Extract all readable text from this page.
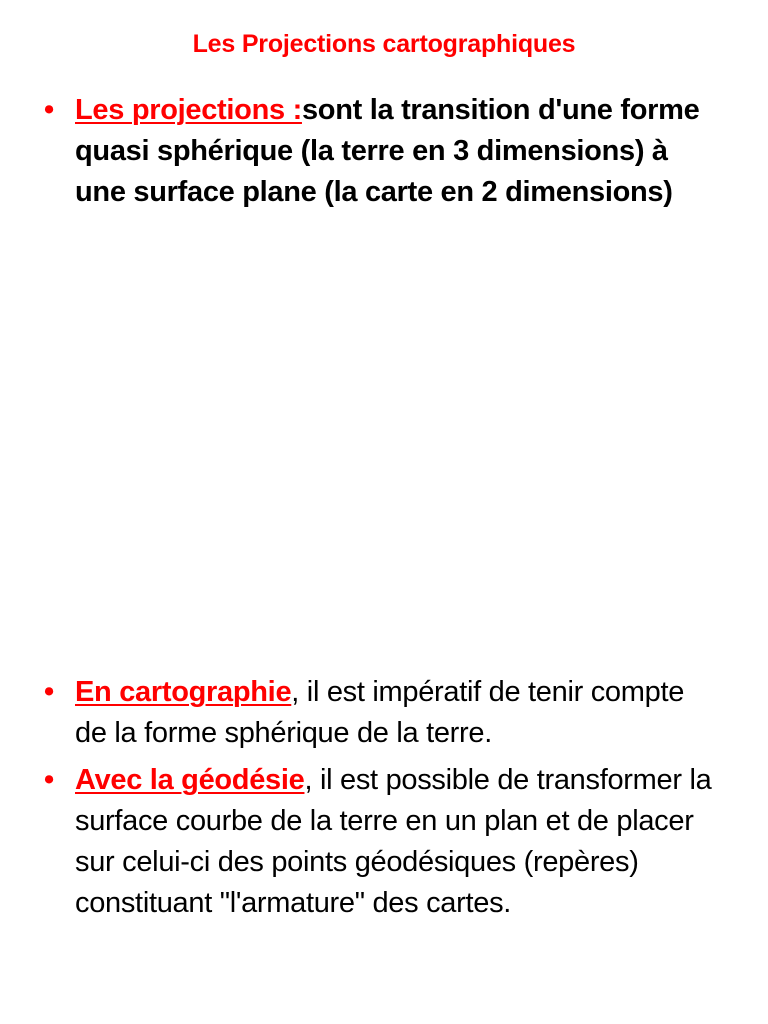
Les Projections cartographiques
• Les projections :sont la transition d'une forme quasi sphérique (la terre en 3 dimensions) à une surface plane (la carte en 2 dimensions)
• En cartographie, il est impératif de tenir compte de la forme sphérique de la terre.
• Avec la géodésie, il est possible de transformer la surface courbe de la terre en un plan et de placer sur celui-ci des points géodésiques (repères) constituant "l'armature" des cartes.
